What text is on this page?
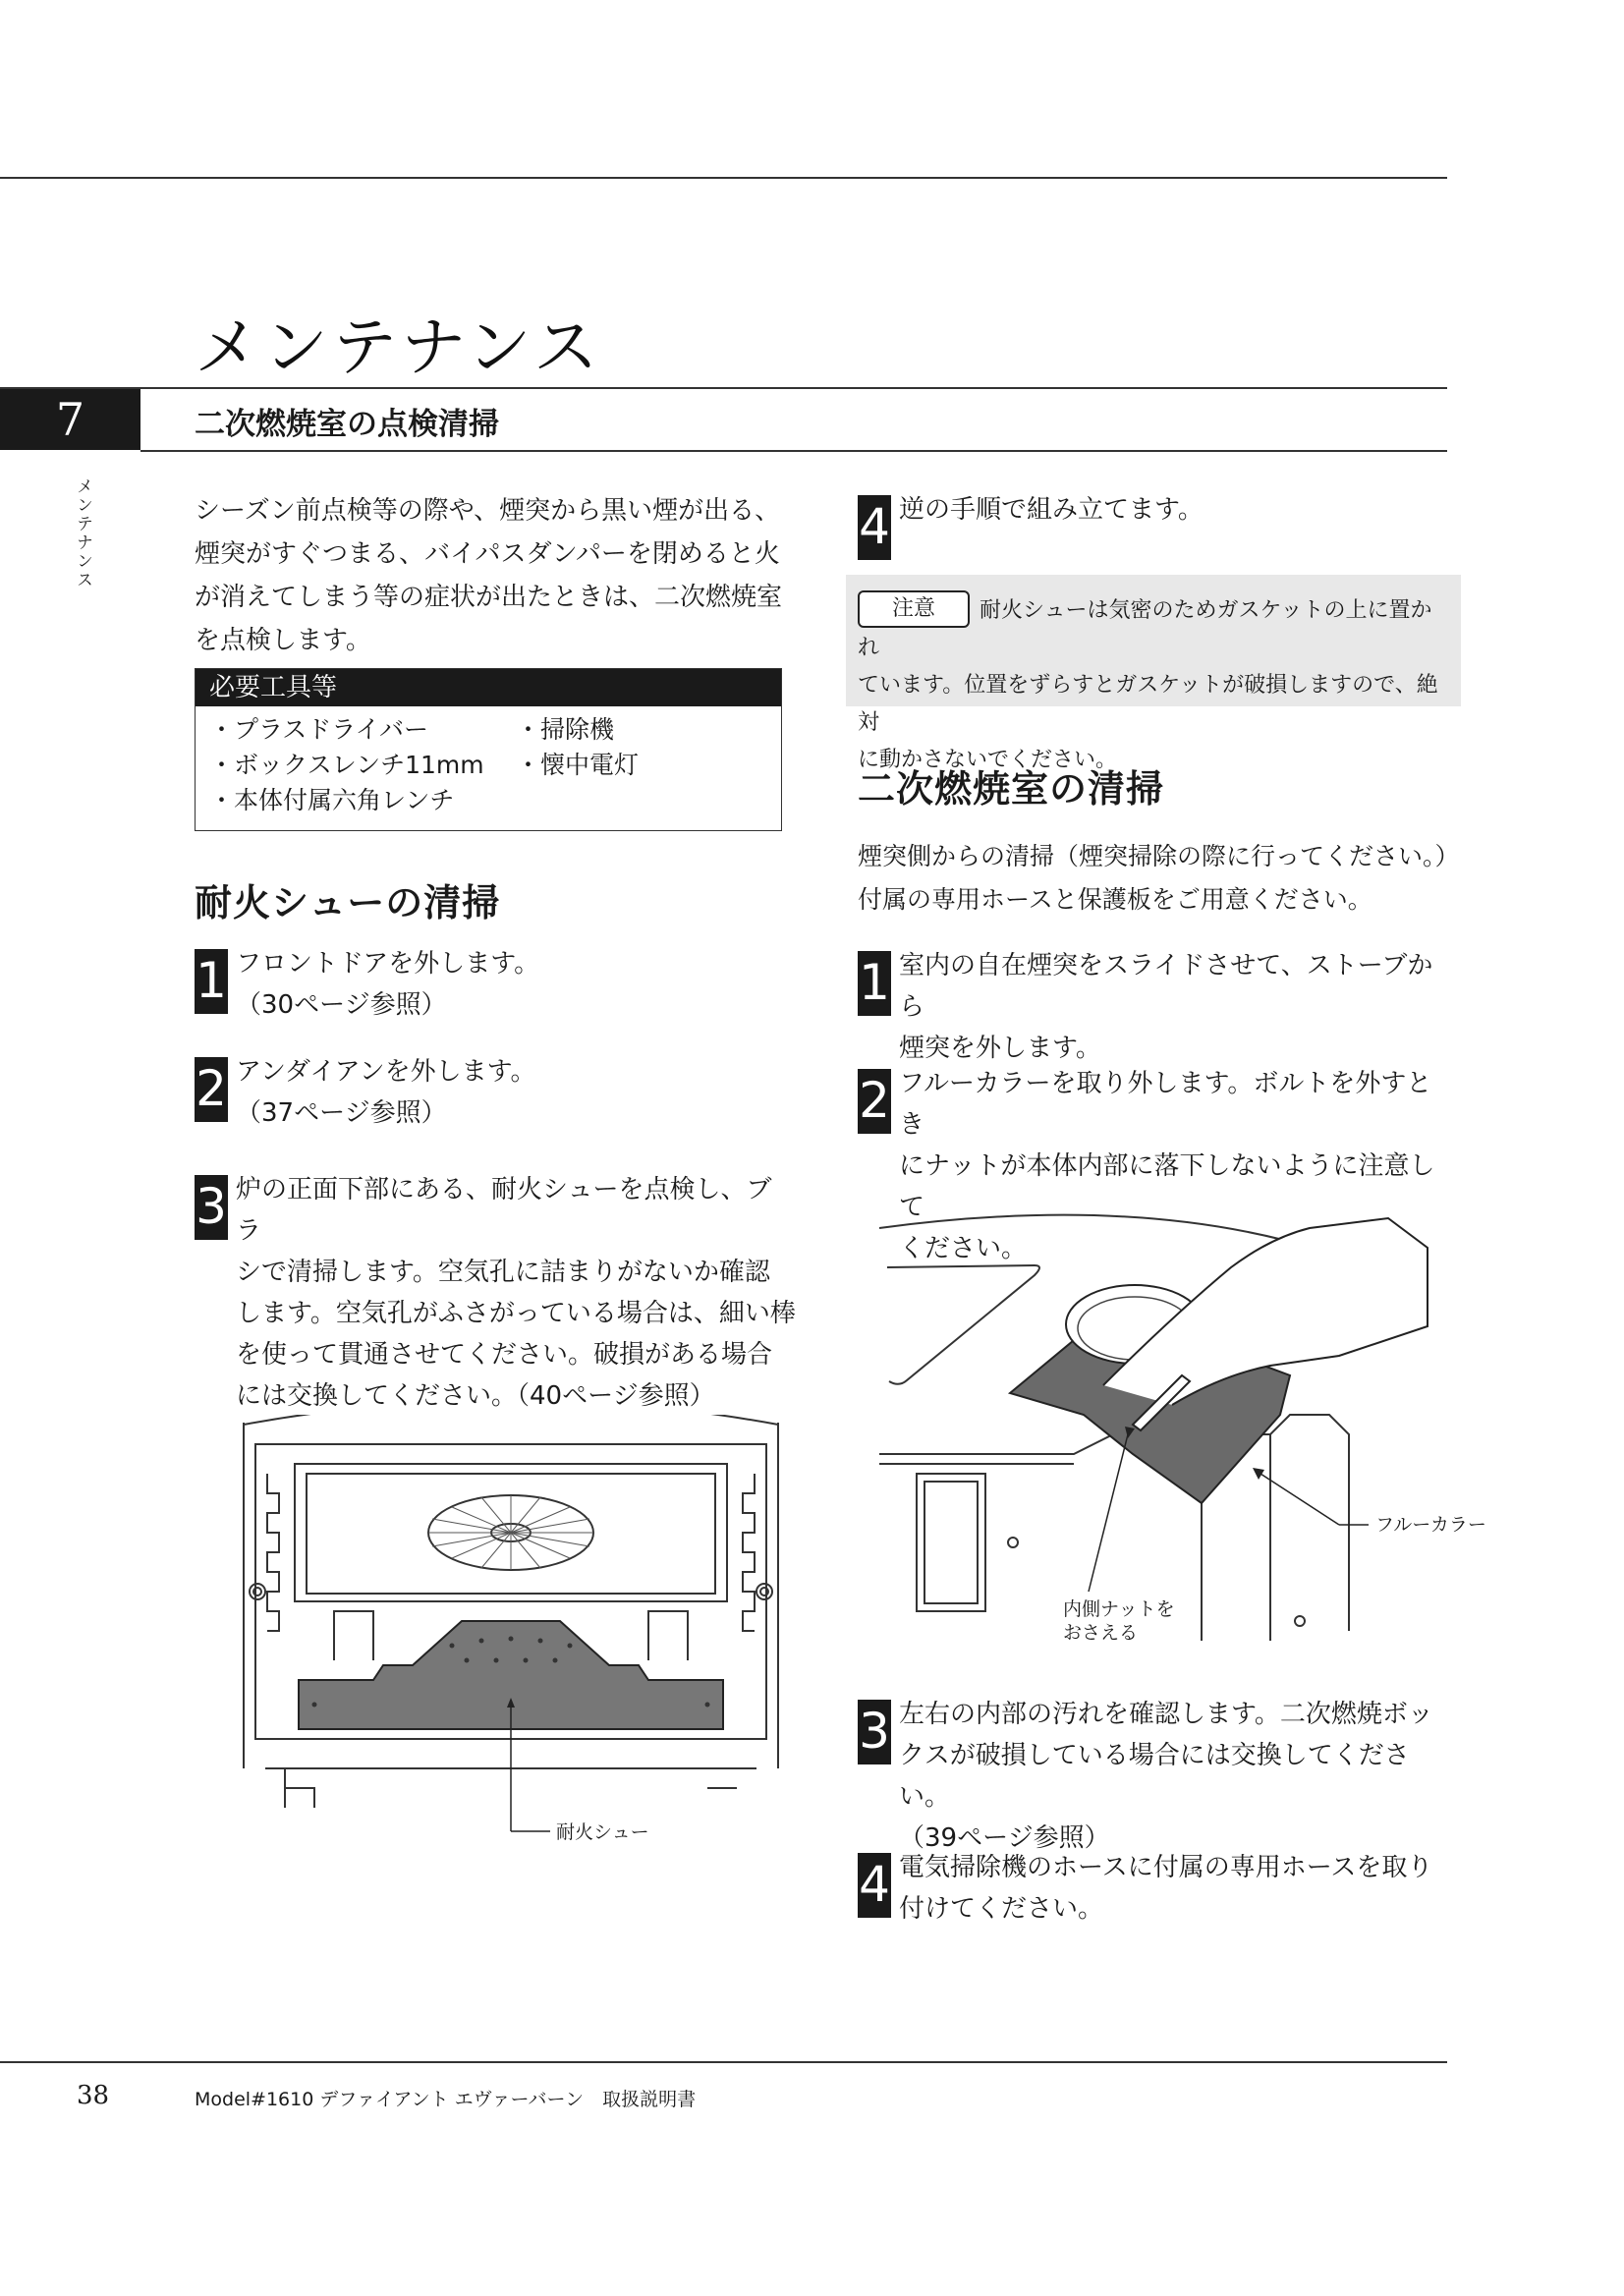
メンテナンス
7	二次燃焼室の点検清掃
メンテナンス	シーズン前点検等の際や、煙突から黒い煙が出る、
煙突がすぐつまる、バイパスダンパーを閉めると火
が消えてしまう等の症状が出たときは、二次燃焼室
を点検します。
必要工具等
・プラスドライバー
・ボックスレンチ11mm
・本体付属六角レンチ
・掃除機
・懐中電灯
耐火シューの清掃
1 フロントドアを外します。
（30ページ参照）
2 アンダイアンを外します。
（37ページ参照）
3 炉の正面下部にある、耐火シューを点検し、ブラ
シで清掃します。空気孔に詰まりがないか確認
します。空気孔がふさがっている場合は、細い棒
を使って貫通させてください。破損がある場合
には交換してください。（40ページ参照）
耐火シュー
4 逆の手順で組み立てます。
注意	耐火シューは気密のためガスケットの上に置かれ
ています。位置をずらすとガスケットが破損しますので、絶対
に動かさないでください。
二次燃焼室の清掃
煙突側からの清掃（煙突掃除の際に行ってください。）
付属の専用ホースと保護板をご用意ください。
1 室内の自在煙突をスライドさせて、ストーブから
煙突を外します。
2 フルーカラーを取り外します。ボルトを外すとき
にナットが本体内部に落下しないように注意して
ください。
フルーカラー
内側ナットを
おさえる
3 左右の内部の汚れを確認します。二次燃焼ボッ
クスが破損している場合には交換してください。
（39ページ参照）
4 電気掃除機のホースに付属の専用ホースを取り
付けてください。
38	Model#1610 デファイアント エヴァーバーン　取扱説明書
